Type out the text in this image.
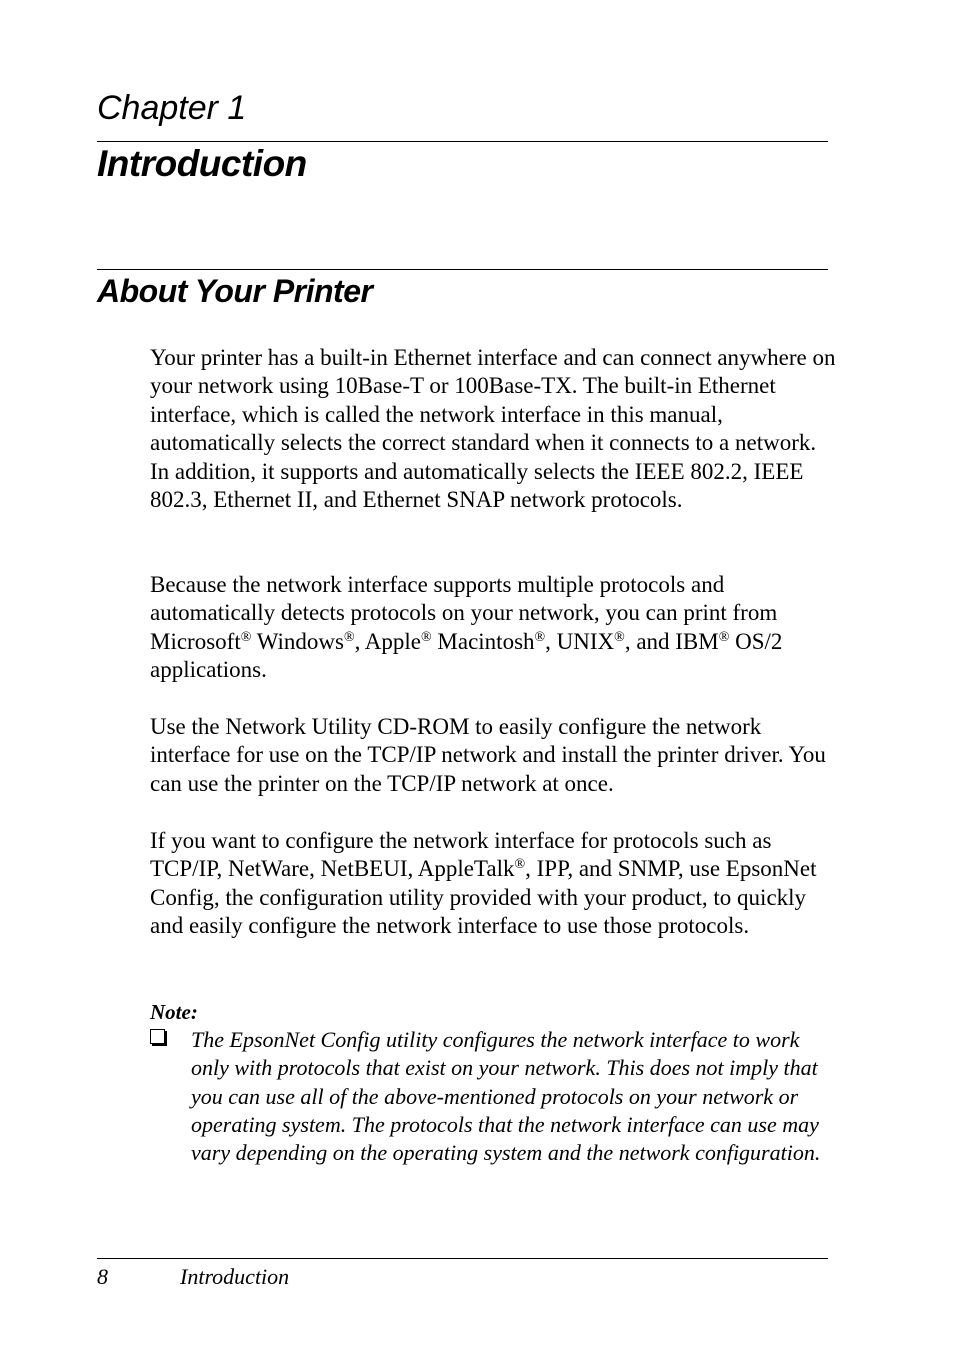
Chapter 1
Introduction
About Your Printer

Your printer has a built-in Ethernet interface and can connect anywhere on your network using 10Base-T or 100Base-TX. The built-in Ethernet interface, which is called the network interface in this manual, automatically selects the correct standard when it connects to a network. In addition, it supports and automatically selects the IEEE 802.2, IEEE 802.3, Ethernet II, and Ethernet SNAP network protocols.

Because the network interface supports multiple protocols and automatically detects protocols on your network, you can print from Microsoft® Windows®, Apple® Macintosh®, UNIX®, and IBM® OS/2 applications.

Use the Network Utility CD-ROM to easily configure the network interface for use on the TCP/IP network and install the printer driver. You can use the printer on the TCP/IP network at once.

If you want to configure the network interface for protocols such as TCP/IP, NetWare, NetBEUI, AppleTalk®, IPP, and SNMP, use EpsonNet Config, the configuration utility provided with your product, to quickly and easily configure the network interface to use those protocols.

Note:

The EpsonNet Config utility configures the network interface to work only with protocols that exist on your network. This does not imply that you can use all of the above-mentioned protocols on your network or operating system. The protocols that the network interface can use may vary depending on the operating system and the network configuration.

8	Introduction
